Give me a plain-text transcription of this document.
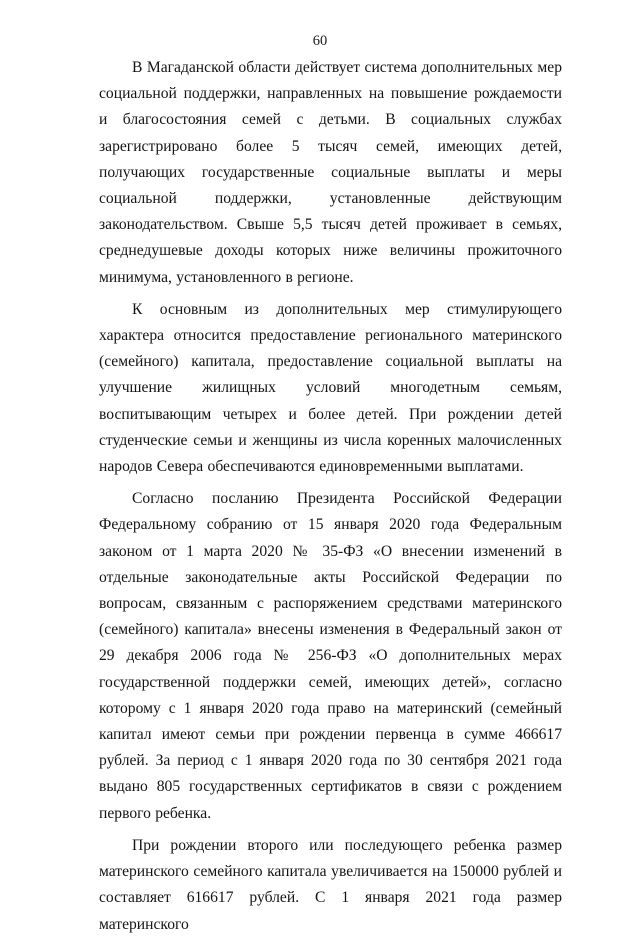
60

В Магаданской области действует система дополнительных мер социальной поддержки, направленных на повышение рождаемости и благосостояния семей с детьми. В социальных службах зарегистрировано более 5 тысяч семей, имеющих детей, получающих государственные социальные выплаты и меры социальной поддержки, установленные действующим законодательством. Свыше 5,5 тысяч детей проживает в семьях, среднедушевые доходы которых ниже величины прожиточного минимума, установленного в регионе.

К основным из дополнительных мер стимулирующего характера относится предоставление регионального материнского (семейного) капитала, предоставление социальной выплаты на улучшение жилищных условий многодетным семьям, воспитывающим четырех и более детей. При рождении детей студенческие семьи и женщины из числа коренных малочисленных народов Севера обеспечиваются единовременными выплатами.

Согласно посланию Президента Российской Федерации Федеральному собранию от 15 января 2020 года Федеральным законом от 1 марта 2020 № 35-ФЗ «О внесении изменений в отдельные законодательные акты Российской Федерации по вопросам, связанным с распоряжением средствами материнского (семейного) капитала» внесены изменения в Федеральный закон от 29 декабря 2006 года № 256-ФЗ «О дополнительных мерах государственной поддержки семей, имеющих детей», согласно которому с 1 января 2020 года право на материнский (семейный капитал имеют семьи при рождении первенца в сумме 466617 рублей. За период с 1 января 2020 года по 30 сентября 2021 года выдано 805 государственных сертификатов в связи с рождением первого ребенка.

При рождении второго или последующего ребенка размер материнского семейного капитала увеличивается на 150000 рублей и составляет 616617 рублей. С 1 января 2021 года размер материнского
